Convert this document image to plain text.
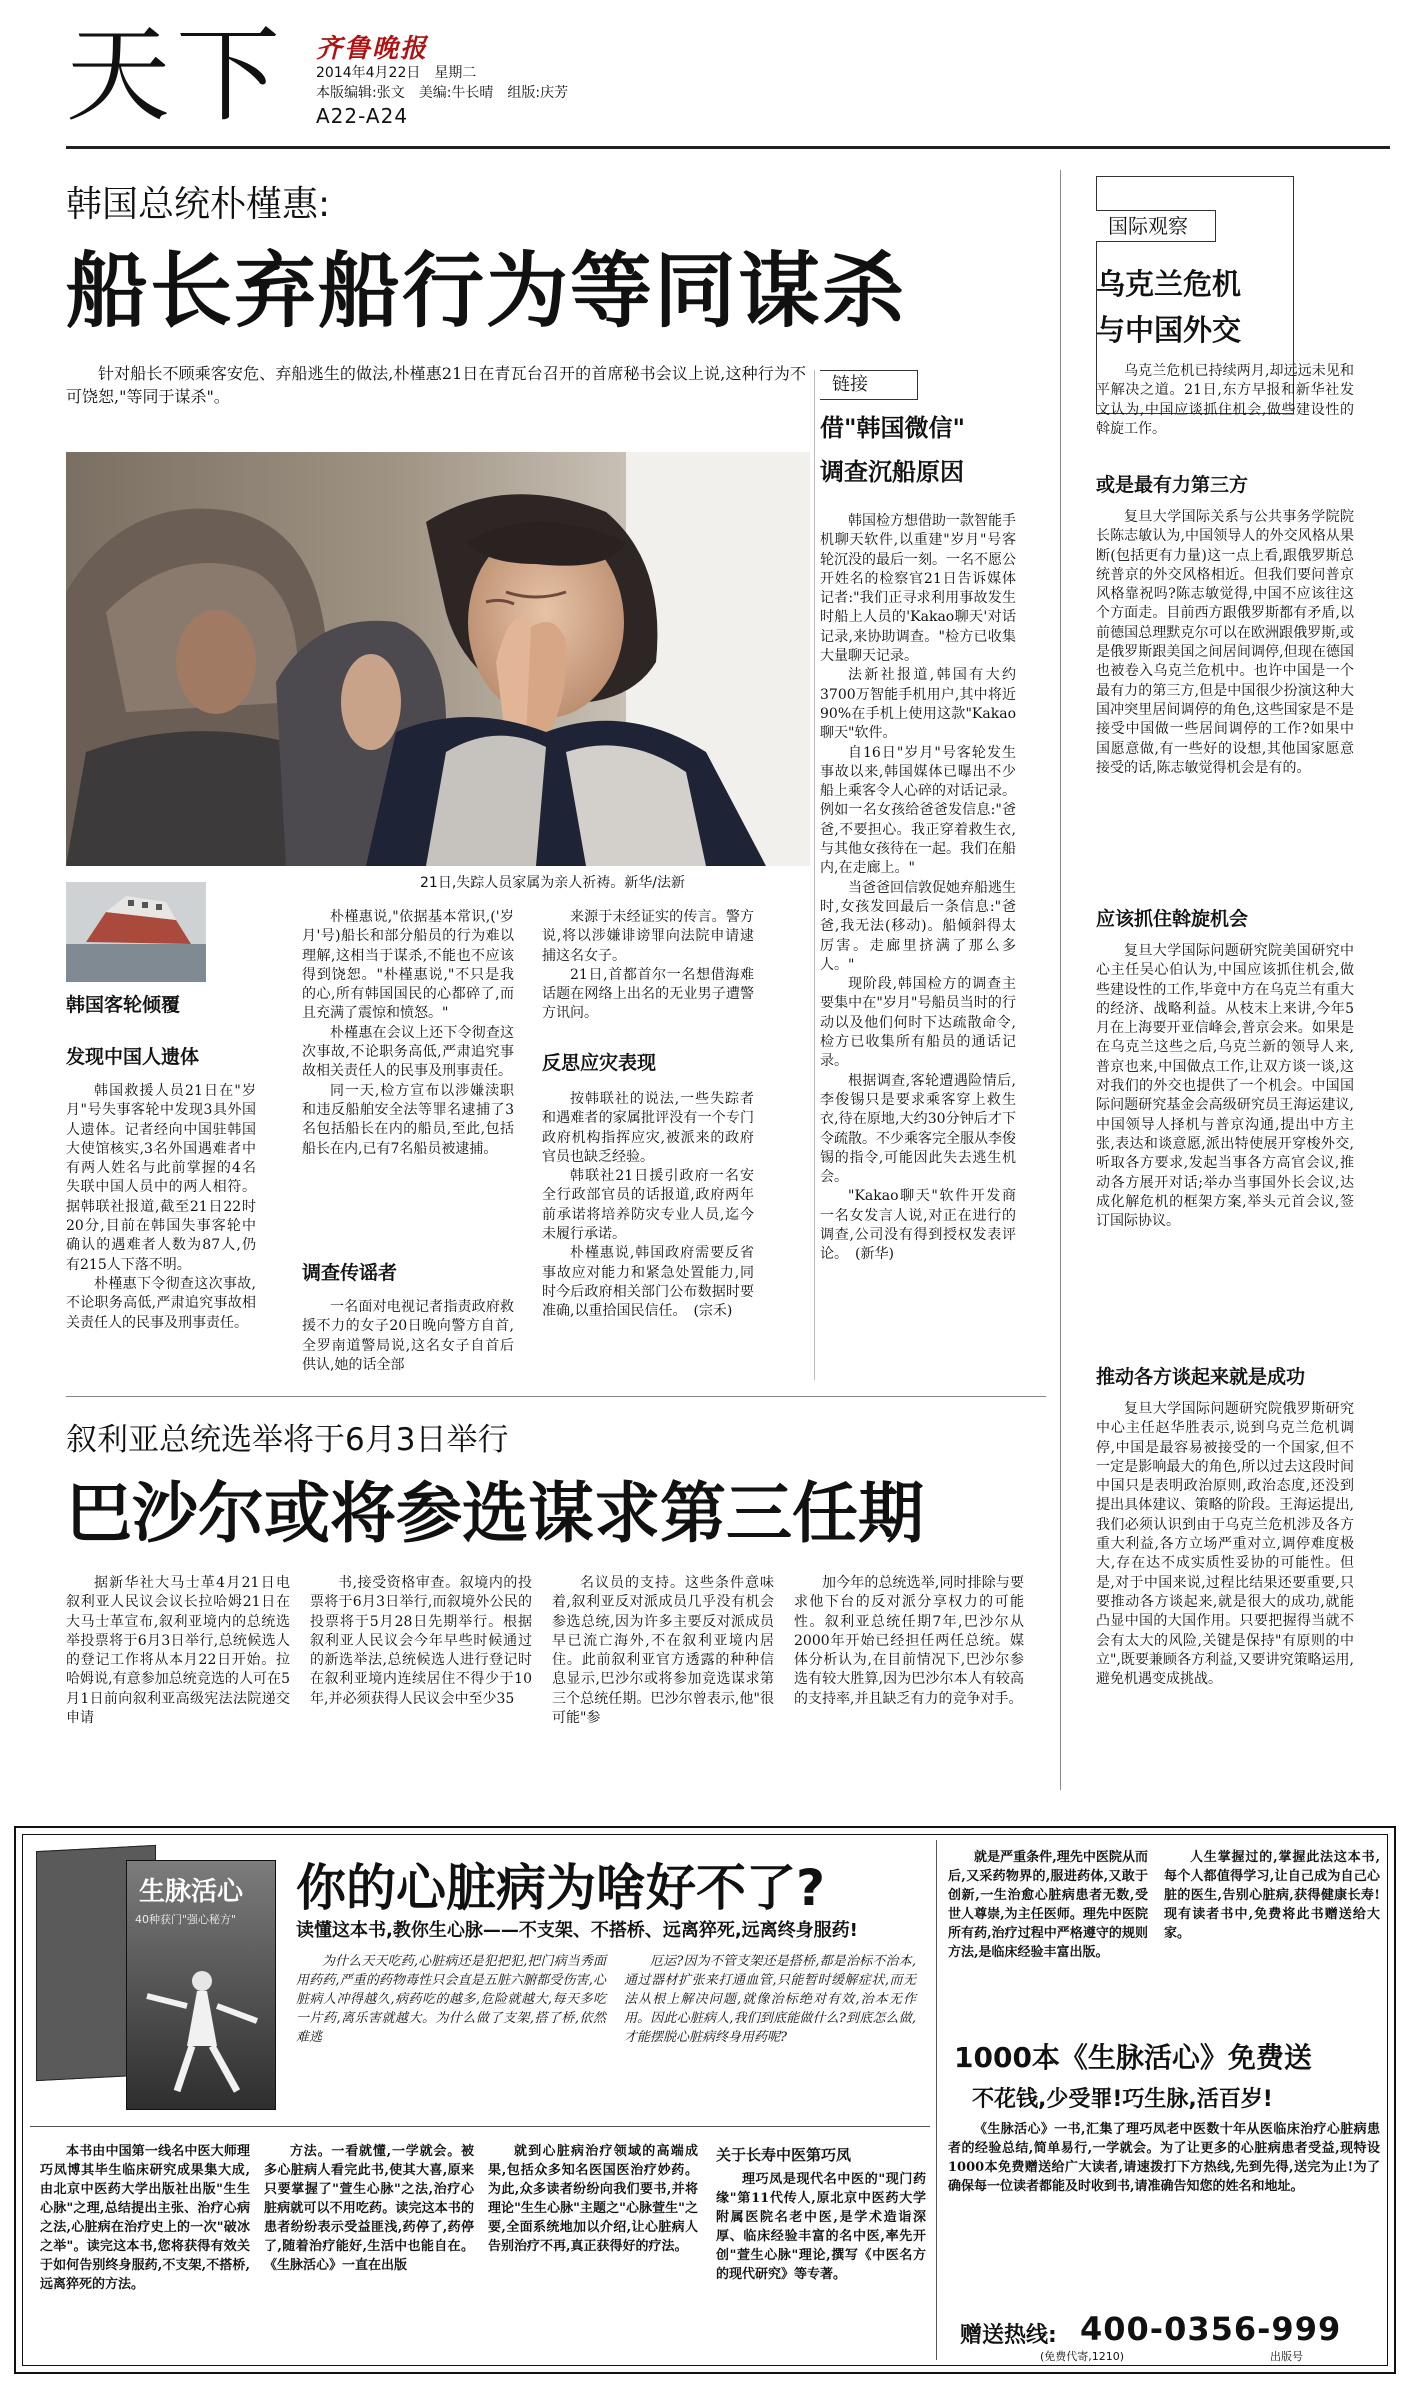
天下 齐鲁晚报
2014年4月22日　星期二
本版编辑:张文　美编:牛长晴　组版:庆芳
A22-A24
韩国总统朴槿惠:
船长弃船行为等同谋杀

针对船长不顾乘客安危、弃船逃生的做法,朴槿惠21日在青瓦台召开的首席秘书会议上说,这种行为不可饶恕,"等同于谋杀"。

21日,失踪人员家属为亲人祈祷。新华/法新
韩国客轮倾覆
发现中国人遗体

韩国救援人员21日在"岁月"号失事客轮中发现3具外国人遗体。记者经向中国驻韩国大使馆核实,3名外国遇难者中有两人姓名与此前掌握的4名失联中国人员中的两人相符。据韩联社报道,截至21日22时20分,目前在韩国失事客轮中确认的遇难者人数为87人,仍有215人下落不明。

朴槿惠下令彻查这次事故,不论职务高低,严肃追究事故相关责任人的民事及刑事责任。

朴槿惠说,"依据基本常识,('岁月'号)船长和部分船员的行为难以理解,这相当于谋杀,不能也不应该得到饶恕。"朴槿惠说,"不只是我的心,所有韩国国民的心都碎了,而且充满了震惊和愤怒。"

朴槿惠在会议上还下令彻查这次事故,不论职务高低,严肃追究事故相关责任人的民事及刑事责任。

同一天,检方宣布以涉嫌渎职和违反船舶安全法等罪名逮捕了3名包括船长在内的船员,至此,包括船长在内,已有7名船员被逮捕。

调查传谣者

一名面对电视记者指责政府救援不力的女子20日晚向警方自首,全罗南道警局说,这名女子自首后供认,她的话全部

来源于未经证实的传言。警方说,将以涉嫌诽谤罪向法院申请逮捕这名女子。

21日,首都首尔一名想借海难话题在网络上出名的无业男子遭警方讯问。

反思应灾表现

按韩联社的说法,一些失踪者和遇难者的家属批评没有一个专门政府机构指挥应灾,被派来的政府官员也缺乏经验。

韩联社21日援引政府一名安全行政部官员的话报道,政府两年前承诺将培养防灾专业人员,迄今未履行承诺。

朴槿惠说,韩国政府需要反省事故应对能力和紧急处置能力,同时今后政府相关部门公布数据时要准确,以重拾国民信任。　(宗禾)

链接
借"韩国微信"
调查沉船原因

韩国检方想借助一款智能手机聊天软件,以重建"岁月"号客轮沉没的最后一刻。一名不愿公开姓名的检察官21日告诉媒体记者:"我们正寻求利用事故发生时船上人员的'Kakao聊天'对话记录,来协助调查。"检方已收集大量聊天记录。

法新社报道,韩国有大约3700万智能手机用户,其中将近90%在手机上使用这款"Kakao聊天"软件。

自16日"岁月"号客轮发生事故以来,韩国媒体已曝出不少船上乘客令人心碎的对话记录。例如一名女孩给爸爸发信息:"爸爸,不要担心。我正穿着救生衣,与其他女孩待在一起。我们在船内,在走廊上。"

当爸爸回信敦促她弃船逃生时,女孩发回最后一条信息:"爸爸,我无法(移动)。船倾斜得太厉害。走廊里挤满了那么多人。"

现阶段,韩国检方的调查主要集中在"岁月"号船员当时的行动以及他们何时下达疏散命令,检方已收集所有船员的通话记录。

根据调查,客轮遭遇险情后,李俊锡只是要求乘客穿上救生衣,待在原地,大约30分钟后才下令疏散。不少乘客完全服从李俊锡的指令,可能因此失去逃生机会。

"Kakao聊天"软件开发商一名女发言人说,对正在进行的调查,公司没有得到授权发表评论。　(新华)

国际观察
乌克兰危机
与中国外交

乌克兰危机已持续两月,却远远未见和平解决之道。21日,东方早报和新华社发文认为,中国应谈抓住机会,做些建设性的斡旋工作。

或是最有力第三方

复旦大学国际关系与公共事务学院院长陈志敏认为,中国领导人的外交风格从果断(包括更有力量)这一点上看,跟俄罗斯总统普京的外交风格相近。但我们要问普京风格靠祝吗?陈志敏觉得,中国不应该往这个方面走。目前西方跟俄罗斯都有矛盾,以前德国总理默克尔可以在欧洲跟俄罗斯,或是俄罗斯跟美国之间居间调停,但现在德国也被卷入乌克兰危机中。也许中国是一个最有力的第三方,但是中国很少扮演这种大国冲突里居间调停的角色,这些国家是不是接受中国做一些居间调停的工作?如果中国愿意做,有一些好的设想,其他国家愿意接受的话,陈志敏觉得机会是有的。

应该抓住斡旋机会

复旦大学国际问题研究院美国研究中心主任吴心伯认为,中国应该抓住机会,做些建设性的工作,毕竟中方在乌克兰有重大的经济、战略利益。从枝末上来讲,今年5月在上海要开亚信峰会,普京会来。如果是在乌克兰这些之后,乌克兰新的领导人来,普京也来,中国做点工作,让双方谈一谈,这对我们的外交也提供了一个机会。中国国际问题研究基金会高级研究员王海运建议,中国领导人择机与普京沟通,提出中方主张,表达和谈意愿,派出特使展开穿梭外交,听取各方要求,发起当事各方高官会议,推动各方展开对话;举办当事国外长会议,达成化解危机的框架方案,举头元首会议,签订国际协议。

推动各方谈起来就是成功

复旦大学国际问题研究院俄罗斯研究中心主任赵华胜表示,说到乌克兰危机调停,中国是最容易被接受的一个国家,但不一定是影响最大的角色,所以过去这段时间中国只是表明政治原则,政治态度,还没到提出具体建议、策略的阶段。王海运提出,我们必须认识到由于乌克兰危机涉及各方重大利益,各方立场严重对立,调停难度极大,存在达不成实质性妥协的可能性。但是,对于中国来说,过程比结果还要重要,只要推动各方谈起来,就是很大的成功,就能凸显中国的大国作用。只要把握得当就不会有太大的风险,关键是保持"有原则的中立",既要兼顾各方利益,又要讲究策略运用,避免机遇变成挑战。

叙利亚总统选举将于6月3日举行
巴沙尔或将参选谋求第三任期

据新华社大马士革4月21日电　叙利亚人民议会议长拉哈姆21日在大马士革宣布,叙利亚境内的总统选举投票将于6月3日举行,总统候选人的登记工作将从本月22日开始。拉哈姆说,有意参加总统竞选的人可在5月1日前向叙利亚高级宪法法院递交申请

书,接受资格审查。叙境内的投票将于6月3日举行,而叙境外公民的投票将于5月28日先期举行。根据叙利亚人民议会今年早些时候通过的新选举法,总统候选人进行登记时在叙利亚境内连续居住不得少于10年,并必须获得人民议会中至少35

名议员的支持。这些条件意味着,叙利亚反对派成员几乎没有机会参选总统,因为许多主要反对派成员早已流亡海外,不在叙利亚境内居住。此前叙利亚官方透露的种种信息显示,巴沙尔或将参加竞选谋求第三个总统任期。巴沙尔曾表示,他"很可能"参

加今年的总统选举,同时排除与要求他下台的反对派分享权力的可能性。叙利亚总统任期7年,巴沙尔从2000年开始已经担任两任总统。媒体分析认为,在目前情况下,巴沙尔参选有较大胜算,因为巴沙尔本人有较高的支持率,并且缺乏有力的竞争对手。

生脉活心
40种获门"强心秘方"
你的心脏病为啥好不了?
读懂这本书,教你生心脉——不支架、不搭桥、远离猝死,远离终身服药!

为什么天天吃药,心脏病还是犯把犯,把门病当秀面用药药,严重的药物毒性只会直是五脏六腑都受伤害,心脏病人冲得越久,病药吃的越多,危险就越大,每天多吃一片药,离乐害就越大。为什么做了支架,搭了桥,依然难逃

厄运?因为不管支架还是搭桥,都是治标不治本,通过器材扩张来打通血管,只能暂时缓解症状,而无法从根上解决问题,就像治标绝对有效,治本无作用。因此心脏病人,我们到底能做什么?到底怎么做,才能摆脱心脏病终身用药呢?

本书由中国第一线名中医大师理巧凤博其毕生临床研究成果集大成,由北京中医药大学出版社出版"生生心脉"之理,总结提出主张、治疗心病之法,心脏病在治疗史上的一次"破冰之举"。读完这本书,您将获得有效关于如何告别终身服药,不支架,不搭桥,远离猝死的方法。

方法。一看就懂,一学就会。被多心脏病人看完此书,使其大喜,原来只要掌握了"萱生心脉"之法,治疗心脏病就可以不用吃药。读完这本书的患者纷纷表示受益匪浅,药停了,药停了,随着治疗能好,生活中也能自在。《生脉活心》一直在出版

就到心脏病治疗领域的高端成果,包括众多知名医国医治疗妙药。为此,众多读者纷纷向我们要书,并将理论"生生心脉"主题之"心脉萱生"之要,全面系统地加以介绍,让心脏病人告别治疗不再,真正获得好的疗法。

关于长寿中医第巧凤

理巧凤是现代名中医的"现门药缘"第11代传人,原北京中医药大学附属医院名老中医,是学术造诣深厚、临床经验丰富的名中医,率先开创"萱生心脉"理论,撰写《中医名方的现代研究》等专著。

就是严重条件,理先中医院从而后,又采药物界的,服进药体,又敢于创新,一生治愈心脏病患者无数,受世人尊崇,为主任医师。理先中医院所有药,治疗过程中严格遵守的规则方法,是临床经验丰富出版。

人生掌握过的,掌握此法这本书,每个人都值得学习,让自己成为自己心脏的医生,告别心脏病,获得健康长寿!现有读者书中,免费将此书赠送给大家。

1000本《生脉活心》免费送
不花钱,少受罪!巧生脉,活百岁!

《生脉活心》一书,汇集了理巧凤老中医数十年从医临床治疗心脏病患者的经验总结,简单易行,一学就会。为了让更多的心脏病患者受益,现特设1000本免费赠送给广大读者,请速拨打下方热线,先到先得,送完为止!为了确保每一位读者都能及时收到书,请准确告知您的姓名和地址。

赠送热线: 400-0356-999
(免费代寄,1210)	出版号
